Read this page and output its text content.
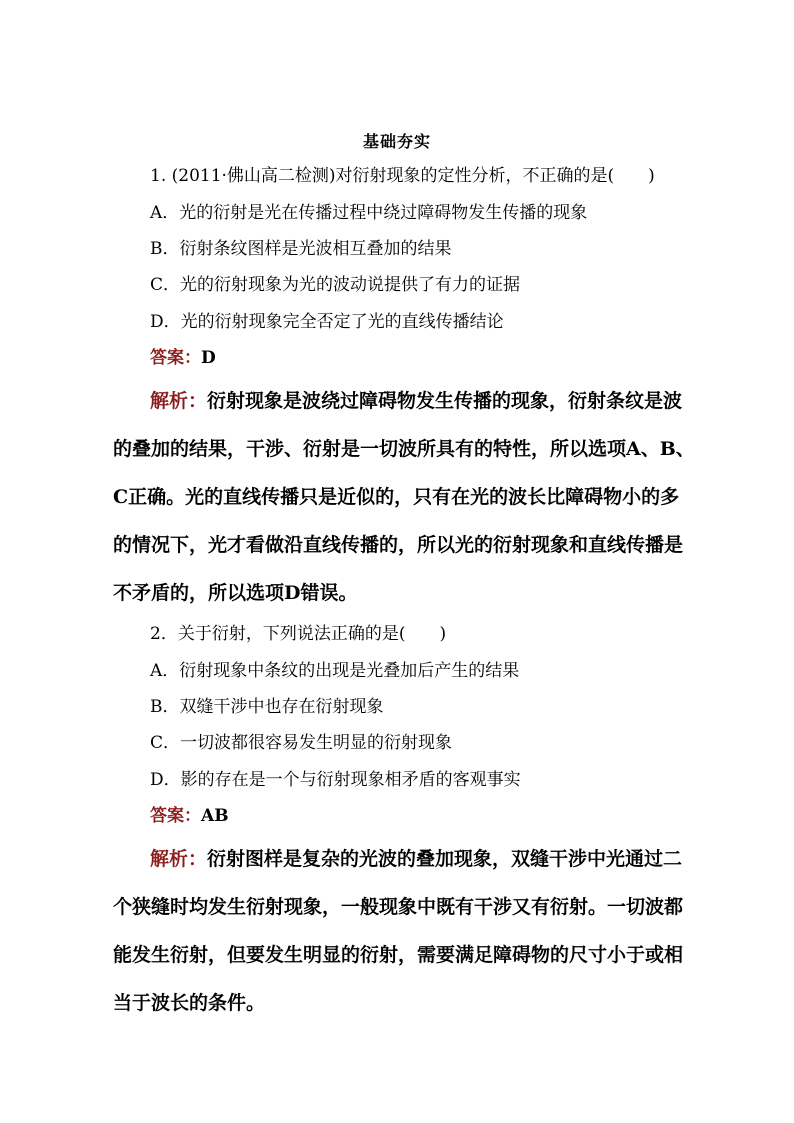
基础夯实
1. (2011·佛山高二检测)对衍射现象的定性分析，不正确的是(　　)
A．光的衍射是光在传播过程中绕过障碍物发生传播的现象
B．衍射条纹图样是光波相互叠加的结果
C．光的衍射现象为光的波动说提供了有力的证据
D．光的衍射现象完全否定了光的直线传播结论
答案：D
解析：衍射现象是波绕过障碍物发生传播的现象，衍射条纹是波
的叠加的结果，干涉、衍射是一切波所具有的特性，所以选项A、B、
C正确。光的直线传播只是近似的，只有在光的波长比障碍物小的多
的情况下，光才看做沿直线传播的，所以光的衍射现象和直线传播是
不矛盾的，所以选项D错误。
2．关于衍射，下列说法正确的是(　　)
A．衍射现象中条纹的出现是光叠加后产生的结果
B．双缝干涉中也存在衍射现象
C．一切波都很容易发生明显的衍射现象
D．影的存在是一个与衍射现象相矛盾的客观事实
答案：AB
解析：衍射图样是复杂的光波的叠加现象，双缝干涉中光通过二
个狭缝时均发生衍射现象，一般现象中既有干涉又有衍射。一切波都
能发生衍射，但要发生明显的衍射，需要满足障碍物的尺寸小于或相
当于波长的条件。
